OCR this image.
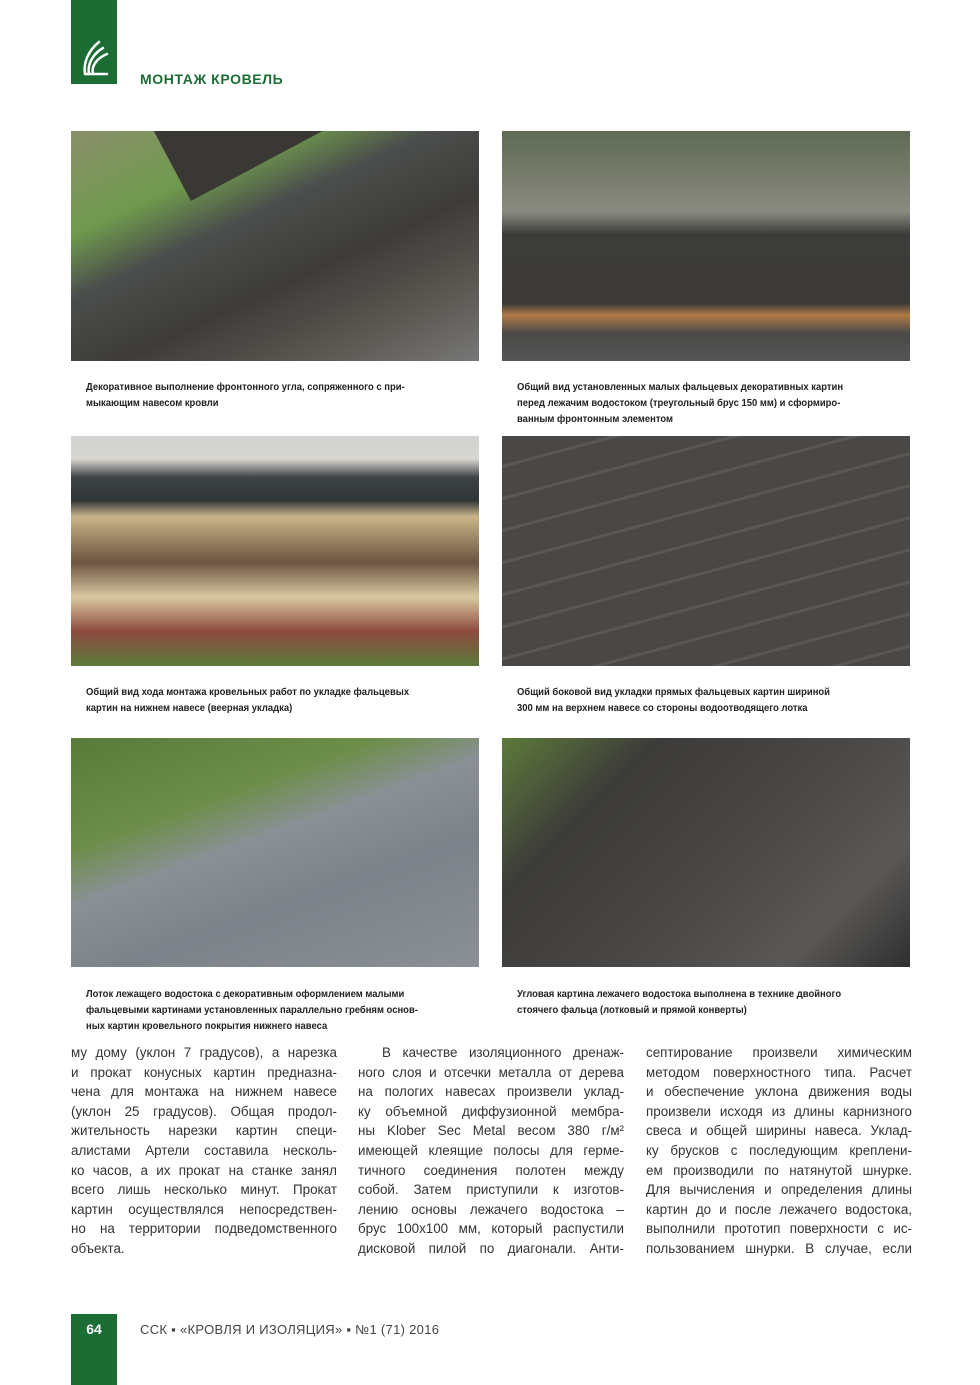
МОНТАЖ КРОВЕЛЬ
Декоративное выполнение фронтонного угла, сопряженного с при-
мыкающим навесом кровли
Общий вид установленных малых фальцевых декоративных картин
перед лежачим водостоком (треугольный брус 150 мм) и сформиро-
ванным фронтонным элементом
Общий вид хода монтажа кровельных работ по укладке фальцевых
картин на нижнем навесе (веерная укладка)
Общий боковой вид укладки прямых фальцевых картин шириной
300 мм на верхнем навесе со стороны водоотводящего лотка
Лоток лежащего водостока с декоративным оформлением малыми
фальцевыми картинами установленных параллельно гребням основ-
ных картин кровельного покрытия нижнего навеса
Угловая картина лежачего водостока выполнена в технике двойного
стоячего фальца (лотковый и прямой конверты)
му дому (уклон 7 градусов), а нарезка
и прокат конусных картин предназна-
чена для монтажа на нижнем навесе
(уклон 25 градусов). Общая продол-
жительность нарезки картин специ-
алистами Артели составила несколь-
ко часов, а их прокат на станке занял
всего лишь несколько минут. Прокат
картин осуществлялся непосредствен-
но на территории подведомственного
объекта.
В качестве изоляционного дренаж-
ного слоя и отсечки металла от дерева
на пологих навесах произвели уклад-
ку объемной диффузионной мембра-
ны Klober Sec Metal весом 380 г/м²
имеющей клеящие полосы для герме-
тичного соединения полотен между
собой. Затем приступили к изготов-
лению основы лежачего водостока –
брус 100х100 мм, который распустили
дисковой пилой по диагонали. Анти-
септирование произвели химическим
методом поверхностного типа. Расчет
и обеспечение уклона движения воды
произвели исходя из длины карнизного
свеса и общей ширины навеса. Уклад-
ку брусков с последующим креплени-
ем производили по натянутой шнурке.
Для вычисления и определения длины
картин до и после лежачего водостока,
выполнили прототип поверхности с ис-
пользованием шнурки. В случае, если
64	ССК ▪ «КРОВЛЯ И ИЗОЛЯЦИЯ» ▪ №1 (71) 2016
